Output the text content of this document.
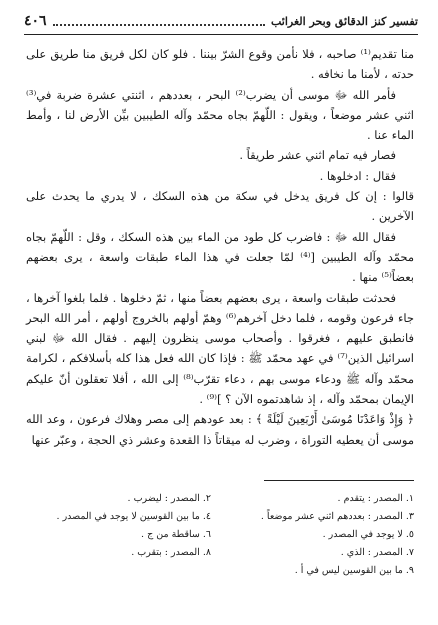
تفسير كنز الدقائق وبحر الغرائب
٤٠٦

منا تقديم⁽¹⁾ صاحبه ، فلا نأمن وقوع الشرّ بيننا . فلو كان لكل فريق منا طريق على حدته ، لأمنا ما نخافه .

فأمر الله ﷻ موسى أن يضرب⁽²⁾ البحر ، بعددهم ، اثنتي عشرة ضربة في⁽³⁾ اثني عشر موضعاً ، ويقول : اللّهمّ بجاه محمّد وآله الطيبين بيِّن الأرض لنا ، وأمط الماء عنا .

فصار فيه تمام اثني عشر طريقاً .

فقال : ادخلوها .

قالوا : إن كل فريق يدخل في سكة من هذه السكك ، لا يدري ما يحدث على الآخرين .

فقال الله ﷻ : فاضرب كل طود من الماء بين هذه السكك ، وقل : اللّهمّ بجاه محمّد وآله الطيبين [⁽⁴⁾ لمّا جعلت في هذا الماء طبقات واسعة ، يرى بعضهم بعضاً⁽⁵⁾ منها .

فحدثت طبقات واسعة ، يرى بعضهم بعضاً منها ، ثمّ دخلوها . فلما بلغوا آخرها ، جاء فرعون وقومه ، فلما دخل آخرهم⁽⁶⁾ وهمّ أولهم بالخروج أولهم ، أمر الله البحر فانطبق عليهم ، فغرقوا . وأصحاب موسى ينظرون إليهم . فقال الله ﷻ لبني اسرائيل الذين⁽⁷⁾ في عهد محمّد ﷺ : فإذا كان الله فعل هذا كله بأسلافكم ، لكرامة محمّد وآله ﷺ ودعاء موسى بهم ، دعاء تقرّب⁽⁸⁾ إلى الله ، أفلا تعقلون أنّ عليكم الإيمان بمحمّد وآله ، إذ شاهدتموه الآن ؟ ]⁽⁹⁾ .

﴿ وَإِذْ وَاعَدْنَا مُوسَىٰ أَرْبَعِينَ لَيْلَةً ﴾ : بعد عودهم إلى مصر وهلاك فرعون ، وعد الله موسى أن يعطيه التوراة ، وضرب له ميقاتاً ذا القعدة وعشر ذي الحجة ، وعبّر عنها

١. المصدر : يتقدم .
٢. المصدر : ليضرب .
٣. المصدر : بعددهم اثني عشر موضعاً .
٤. ما بين القوسين لا يوجد في المصدر .
٥. لا يوجد في المصدر .
٦. ساقطة من ج .
٧. المصدر : الذي .
٨. المصدر : بتقرب .
٩. ما بين القوسين ليس في أ .
